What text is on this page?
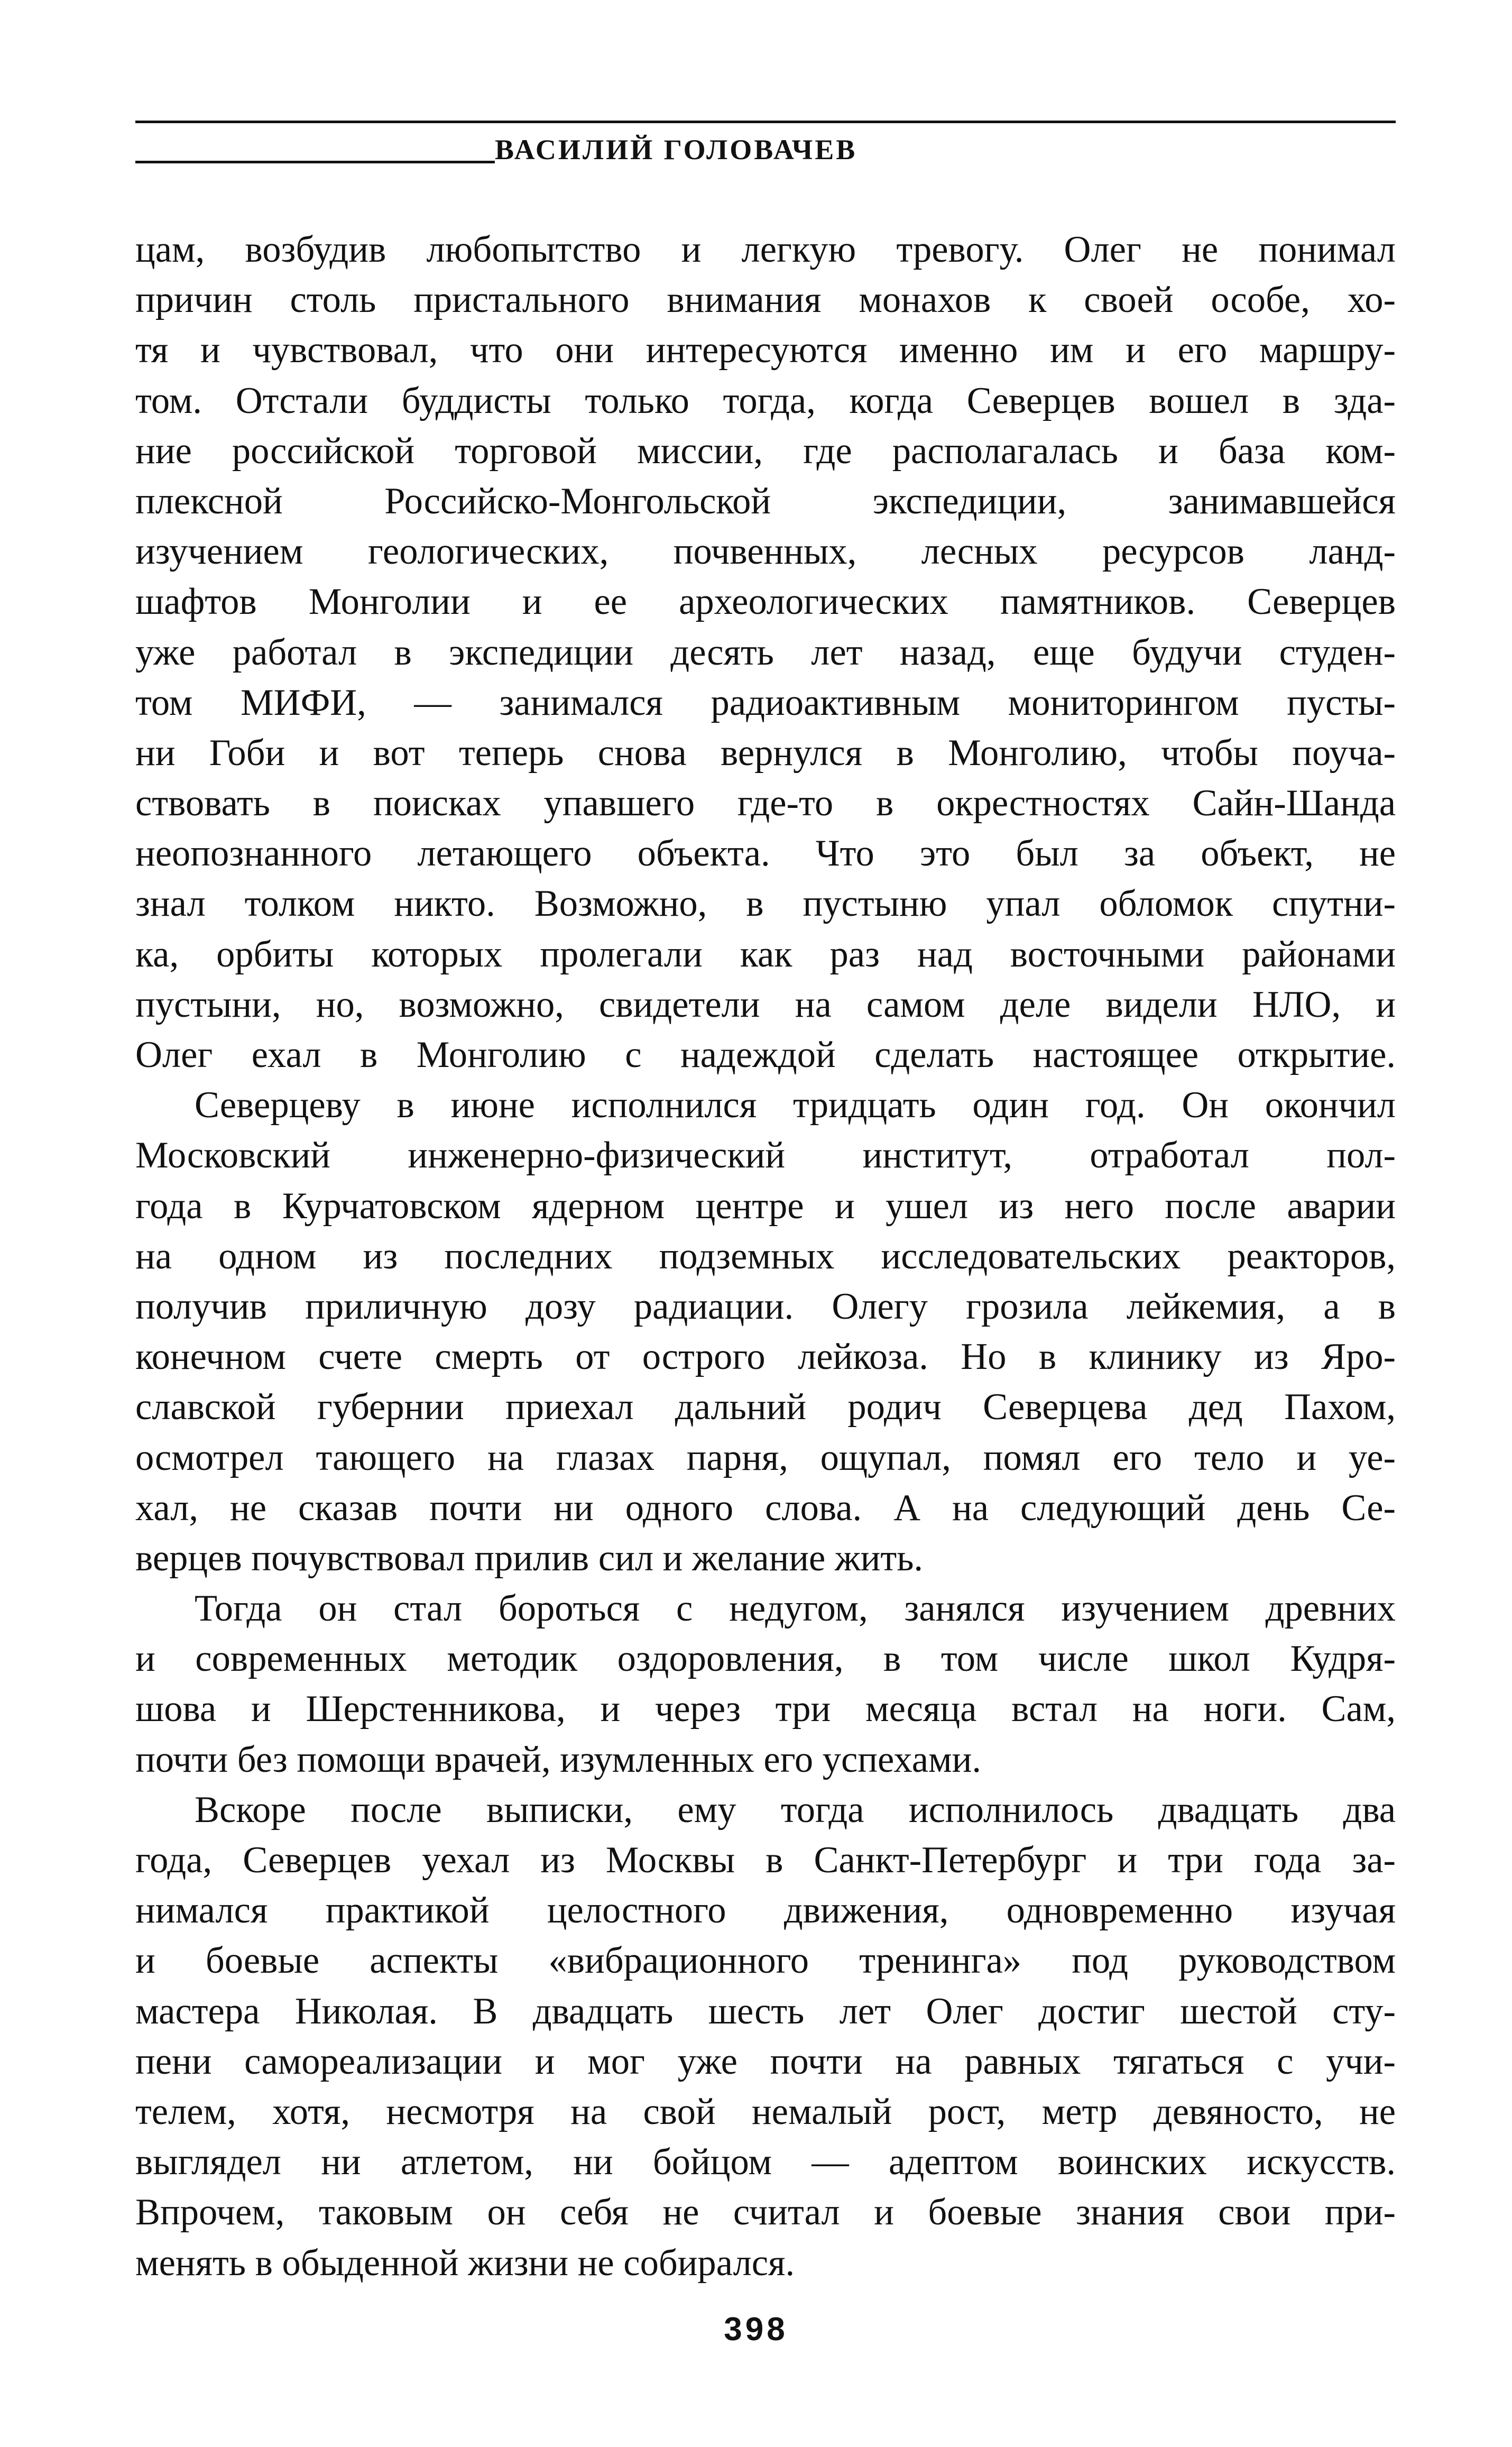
ВАСИЛИЙ ГОЛОВАЧЕВ
цам, возбудив любопытство и легкую тревогу. Олег не понимал
причин столь пристального внимания монахов к своей особе, хо-
тя и чувствовал, что они интересуются именно им и его маршру-
том. Отстали буддисты только тогда, когда Северцев вошел в зда-
ние российской торговой миссии, где располагалась и база ком-
плексной Российско-Монгольской экспедиции, занимавшейся
изучением геологических, почвенных, лесных ресурсов ланд-
шафтов Монголии и ее археологических памятников. Северцев
уже работал в экспедиции десять лет назад, еще будучи студен-
том МИФИ, — занимался радиоактивным мониторингом пусты-
ни Гоби и вот теперь снова вернулся в Монголию, чтобы поуча-
ствовать в поисках упавшего где-то в окрестностях Сайн-Шанда
неопознанного летающего объекта. Что это был за объект, не
знал толком никто. Возможно, в пустыню упал обломок спутни-
ка, орбиты которых пролегали как раз над восточными районами
пустыни, но, возможно, свидетели на самом деле видели НЛО, и
Олег ехал в Монголию с надеждой сделать настоящее открытие.
Северцеву в июне исполнился тридцать один год. Он окончил
Московский инженерно-физический институт, отработал пол-
года в Курчатовском ядерном центре и ушел из него после аварии
на одном из последних подземных исследовательских реакторов,
получив приличную дозу радиации. Олегу грозила лейкемия, а в
конечном счете смерть от острого лейкоза. Но в клинику из Яро-
славской губернии приехал дальний родич Северцева дед Пахом,
осмотрел тающего на глазах парня, ощупал, помял его тело и уе-
хал, не сказав почти ни одного слова. А на следующий день Се-
верцев почувствовал прилив сил и желание жить.
Тогда он стал бороться с недугом, занялся изучением древних
и современных методик оздоровления, в том числе школ Кудря-
шова и Шерстенникова, и через три месяца встал на ноги. Сам,
почти без помощи врачей, изумленных его успехами.
Вскоре после выписки, ему тогда исполнилось двадцать два
года, Северцев уехал из Москвы в Санкт-Петербург и три года за-
нимался практикой целостного движения, одновременно изучая
и боевые аспекты «вибрационного тренинга» под руководством
мастера Николая. В двадцать шесть лет Олег достиг шестой сту-
пени самореализации и мог уже почти на равных тягаться с учи-
телем, хотя, несмотря на свой немалый рост, метр девяносто, не
выглядел ни атлетом, ни бойцом — адептом воинских искусств.
Впрочем, таковым он себя не считал и боевые знания свои при-
менять в обыденной жизни не собирался.
398
